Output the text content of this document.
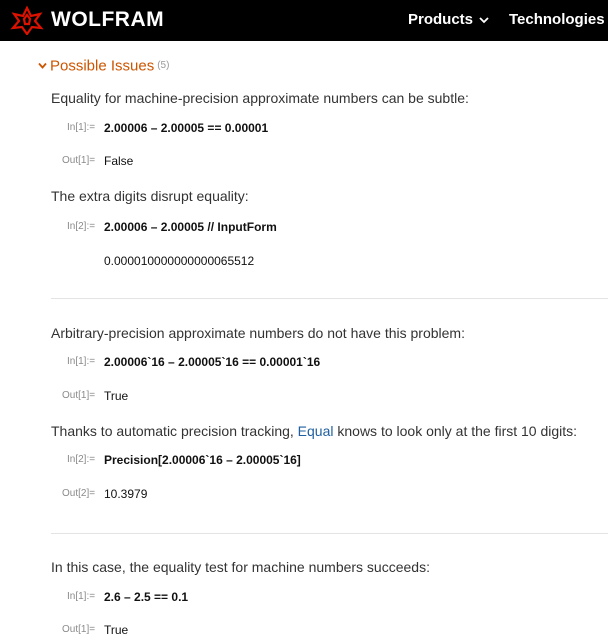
WOLFRAM	Products	Technologies
Possible Issues (5)
Equality for machine-precision approximate numbers can be subtle:
In[1]:= 2.00006 – 2.00005 == 0.00001
Out[1]= False
The extra digits disrupt equality:
In[2]:= 2.00006 – 2.00005 // InputForm
0.000010000000000065512
Arbitrary-precision approximate numbers do not have this problem:
In[1]:= 2.00006`16 – 2.00005`16 == 0.00001`16
Out[1]= True
Thanks to automatic precision tracking, Equal knows to look only at the first 10 digits:
In[2]:= Precision[2.00006`16 – 2.00005`16]
Out[2]= 10.3979
In this case, the equality test for machine numbers succeeds:
In[1]:= 2.6 – 2.5 == 0.1
Out[1]= True
